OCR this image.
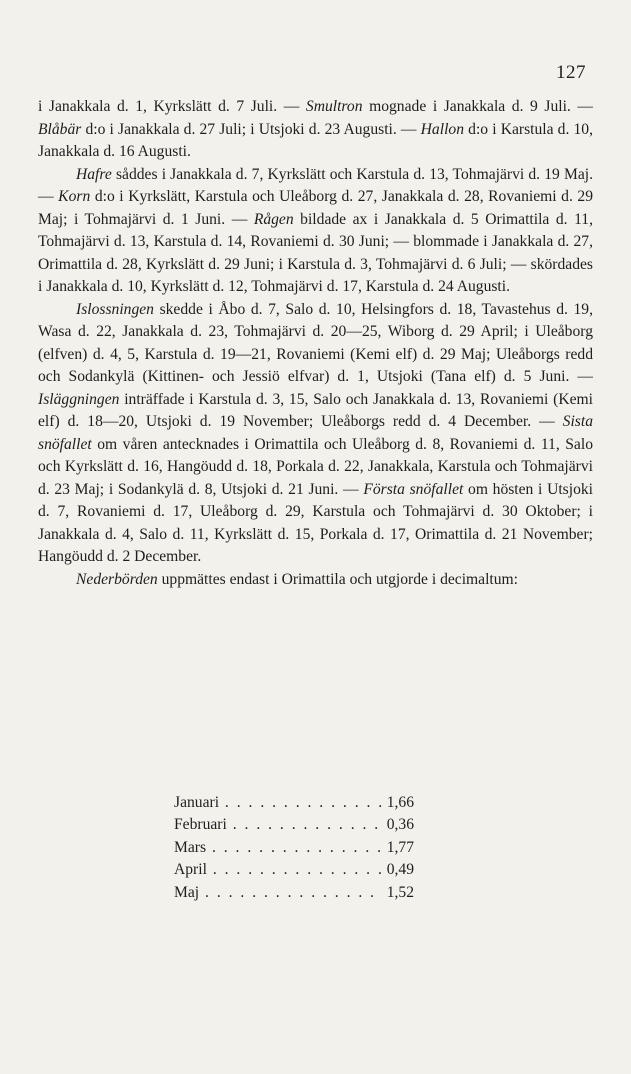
127

i Janakkala d. 1, Kyrkslätt d. 7 Juli. — Smultron mognade i Janakkala d. 9 Juli. — Blåbär d:o i Janakkala d. 27 Juli; i Utsjoki d. 23 Augusti. — Hallon d:o i Karstula d. 10, Janakkala d. 16 Augusti.

Hafre såddes i Janakkala d. 7, Kyrkslätt och Karstula d. 13, Tohmajärvi d. 19 Maj. — Korn d:o i Kyrkslätt, Karstula och Uleåborg d. 27, Janakkala d. 28, Rovaniemi d. 29 Maj; i Tohmajärvi d. 1 Juni. — Rågen bildade ax i Janakkala d. 5 Orimattila d. 11, Tohmajärvi d. 13, Karstula d. 14, Rovaniemi d. 30 Juni; — blommade i Janakkala d. 27, Orimattila d. 28, Kyrkslätt d. 29 Juni; i Karstula d. 3, Tohmajärvi d. 6 Juli; — skördades i Janakkala d. 10, Kyrkslätt d. 12, Tohmajärvi d. 17, Karstula d. 24 Augusti.

Islossningen skedde i Åbo d. 7, Salo d. 10, Helsingfors d. 18, Tavastehus d. 19, Wasa d. 22, Janakkala d. 23, Tohmajärvi d. 20—25, Wiborg d. 29 April; i Uleåborg (elfven) d. 4, 5, Karstula d. 19—21, Rovaniemi (Kemi elf) d. 29 Maj; Uleåborgs redd och Sodankylä (Kittinen- och Jessiö elfvar) d. 1, Utsjoki (Tana elf) d. 5 Juni. — Isläggningen inträffade i Karstula d. 3, 15, Salo och Janakkala d. 13, Rovaniemi (Kemi elf) d. 18—20, Utsjoki d. 19 November; Uleåborgs redd d. 4 December. — Sista snöfallet om våren antecknades i Orimattila och Uleåborg d. 8, Rovaniemi d. 11, Salo och Kyrkslätt d. 16, Hangöudd d. 18, Porkala d. 22, Janakkala, Karstula och Tohmajärvi d. 23 Maj; i Sodankylä d. 8, Utsjoki d. 21 Juni. — Första snöfallet om hösten i Utsjoki d. 7, Rovaniemi d. 17, Uleåborg d. 29, Karstula och Tohmajärvi d. 30 Oktober; i Janakkala d. 4, Salo d. 11, Kyrkslätt d. 15, Porkala d. 17, Orimattila d. 21 November; Hangöudd d. 2 December.

Nederbörden uppmättes endast i Orimattila och utgjorde i decimaltum:

Januari . . .	1,66
Februari . . .	0,36
Mars . . .	1,77
April . . .	0,49
Maj . . .	1,52
